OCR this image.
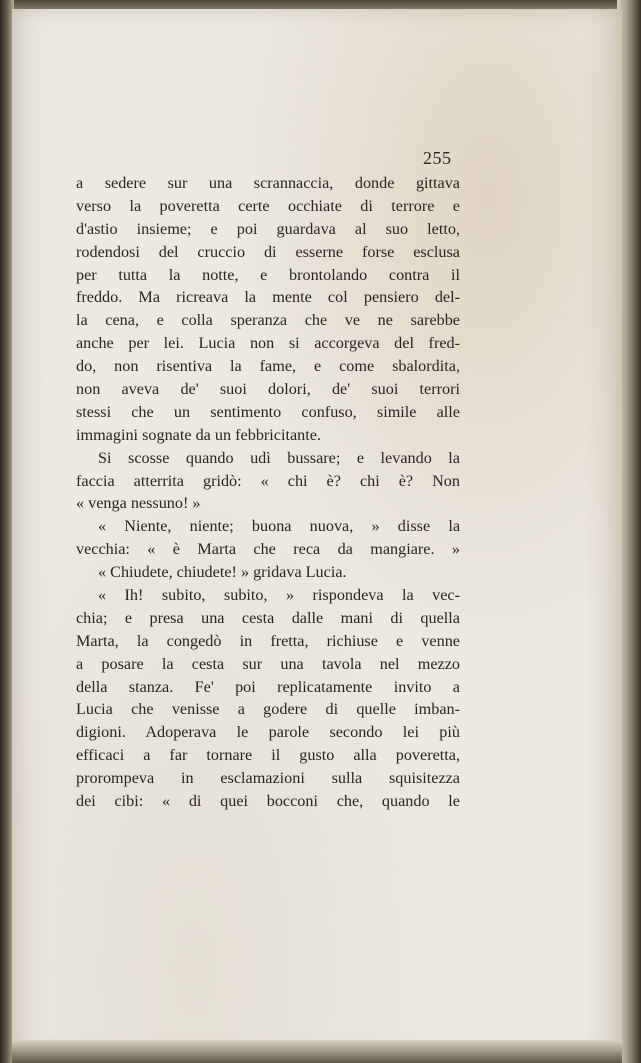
255
a sedere sur una scrannaccia, donde gittava
verso la poveretta certe occhiate di terrore e
d'astio insieme; e poi guardava al suo letto,
rodendosi del cruccio di esserne forse esclusa
per tutta la notte, e brontolando contra il
freddo. Ma ricreava la mente col pensiero del-
la cena, e colla speranza che ve ne sarebbe
anche per lei. Lucia non si accorgeva del fred-
do, non risentiva la fame, e come sbalordita,
non aveva de' suoi dolori, de' suoi terrori
stessi che un sentimento confuso, simile alle
immagini sognate da un febbricitante.
Si scosse quando udì bussare; e levando la
faccia atterrita gridò: « chi è? chi è? Non
« venga nessuno! »
« Niente, niente; buona nuova, » disse la
vecchia: « è Marta che reca da mangiare. »
« Chiudete, chiudete! » gridava Lucia.
« Ih! subito, subito, » rispondeva la vec-
chia; e presa una cesta dalle mani di quella
Marta, la congedò in fretta, richiuse e venne
a posare la cesta sur una tavola nel mezzo
della stanza. Fe' poi replicatamente invito a
Lucia che venisse a godere di quelle imban-
digioni. Adoperava le parole secondo lei più
efficaci a far tornare il gusto alla poveretta,
prorompeva in esclamazioni sulla squisitezza
dei cibi: « di quei bocconi che, quando le
